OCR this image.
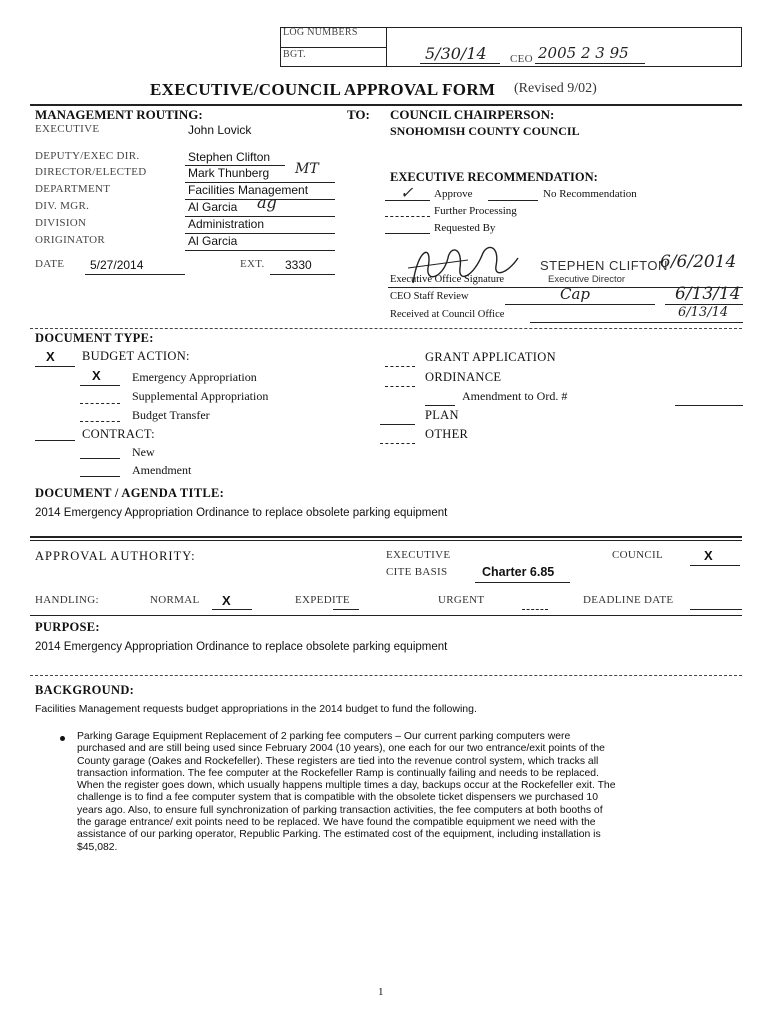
LOG NUMBERS
BGT.	5/30/14 CEO 2005 2 3 95
EXECUTIVE/COUNCIL APPROVAL FORM (Revised 9/02)
MANAGEMENT ROUTING:	TO: COUNCIL CHAIRPERSON:
SNOHOMISH COUNTY COUNCIL
EXECUTIVE	John Lovick
DEPUTY/EXEC DIR.	Stephen Clifton
DIRECTOR/ELECTED	Mark Thunberg MT
DEPARTMENT	Facilities Management
DIV. MGR.	Al Garcia ag
DIVISION	Administration
ORIGINATOR	Al Garcia
DATE 5/27/2014	EXT. 3330
EXECUTIVE RECOMMENDATION:
✓ Approve	No Recommendation
Further Processing
Requested By
STEPHEN CLIFTON
Executive Director
6/6/2014
Executive Office Signature
CEO Staff Review	Cap	6/13/14
Received at Council Office	6/13/14
DOCUMENT TYPE:
X BUDGET ACTION:
X	Emergency Appropriation
Supplemental Appropriation
Budget Transfer
CONTRACT:
New
Amendment
GRANT APPLICATION
ORDINANCE
Amendment to Ord. #
PLAN
OTHER
DOCUMENT / AGENDA TITLE:
2014 Emergency Appropriation Ordinance to replace obsolete parking equipment
APPROVAL AUTHORITY:	EXECUTIVE	COUNCIL	X
CITE BASIS	Charter 6.85
HANDLING:	NORMAL X	EXPEDITE	URGENT	DEADLINE DATE
PURPOSE:
2014 Emergency Appropriation Ordinance to replace obsolete parking equipment
BACKGROUND:
Facilities Management requests budget appropriations in the 2014 budget to fund the following.
Parking Garage Equipment Replacement of 2 parking fee computers – Our current parking computers were
purchased and are still being used since February 2004 (10 years), one each for our two entrance/exit points of the
County garage (Oakes and Rockefeller). These registers are tied into the revenue control system, which tracks all
transaction information. The fee computer at the Rockefeller Ramp is continually failing and needs to be replaced.
When the register goes down, which usually happens multiple times a day, backups occur at the Rockefeller exit. The
challenge is to find a fee computer system that is compatible with the obsolete ticket dispensers we purchased 10
years ago. Also, to ensure full synchronization of parking transaction activities, the fee computers at both booths of
the garage entrance/ exit points need to be replaced. We have found the compatible equipment we need with the
assistance of our parking operator, Republic Parking. The estimated cost of the equipment, including installation is
$45,082.
1
